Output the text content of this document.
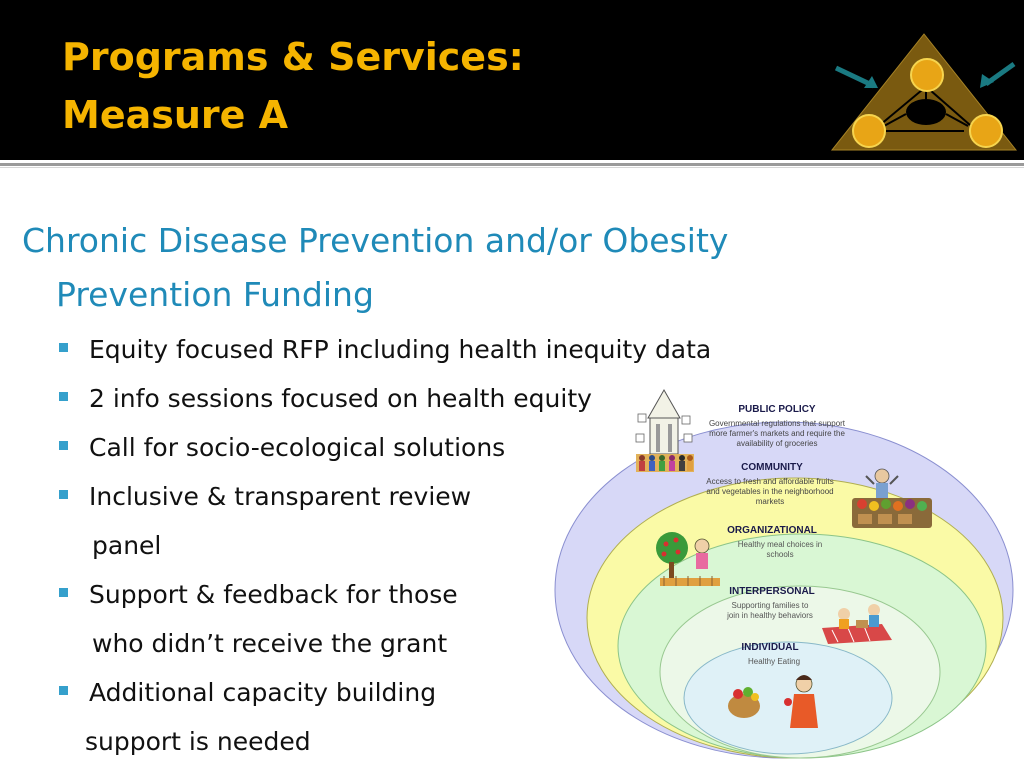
Programs & Services:
Measure A
Chronic Disease Prevention and/or Obesity
Prevention Funding
Equity focused RFP including health inequity data
2 info sessions focused on health equity
Call for socio-ecological solutions
Inclusive & transparent review
panel
Support & feedback for those
who didn’t receive the grant
Additional capacity building
support is needed
PUBLIC POLICY
Governmental regulations that support
more farmer's markets and require the
availability of groceries
COMMUNITY
Access to fresh and affordable fruits
and vegetables in the neighborhood
markets
ORGANIZATIONAL
Healthy meal choices in
schools
INTERPERSONAL
Supporting families to
join in healthy behaviors
INDIVIDUAL
Healthy Eating
